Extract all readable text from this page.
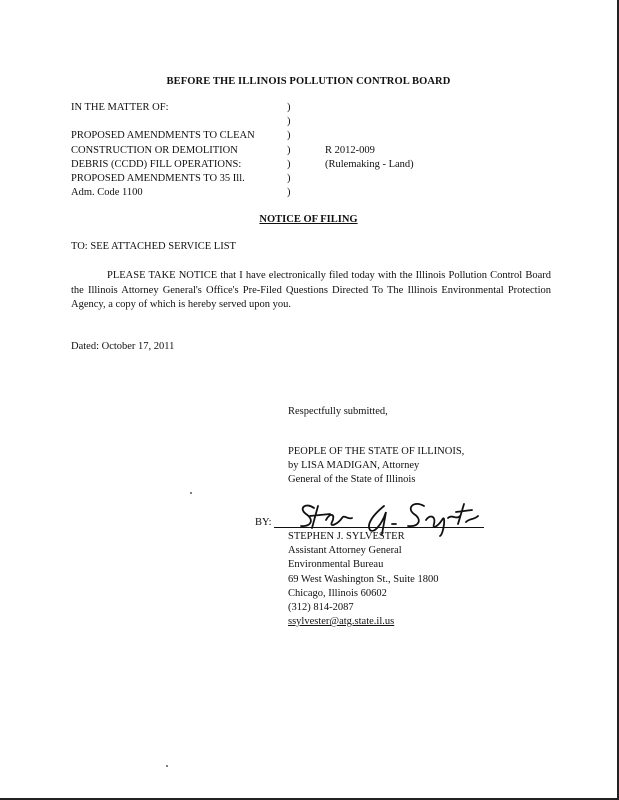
BEFORE THE ILLINOIS POLLUTION CONTROL BOARD
IN THE MATTER OF:
PROPOSED AMENDMENTS TO CLEAN
CONSTRUCTION OR DEMOLITION
DEBRIS (CCDD) FILL OPERATIONS:
PROPOSED AMENDMENTS TO 35 Ill.
Adm. Code 1100
)
)
)
)
)
)
)
R 2012-009
(Rulemaking - Land)
NOTICE OF FILING
TO: SEE ATTACHED SERVICE LIST
PLEASE TAKE NOTICE that I have electronically filed today with the Illinois Pollution Control Board the Illinois Attorney General's Office's Pre-Filed Questions Directed To The Illinois Environmental Protection Agency, a copy of which is hereby served upon you.
Dated: October 17, 2011
Respectfully submitted,
PEOPLE OF THE STATE OF ILLINOIS,
by LISA MADIGAN, Attorney
General of the State of Illinois
BY:
STEPHEN J. SYLVESTER
Assistant Attorney General
Environmental Bureau
69 West Washington St., Suite 1800
Chicago, Illinois 60602
(312) 814-2087
ssylvester@atg.state.il.us
